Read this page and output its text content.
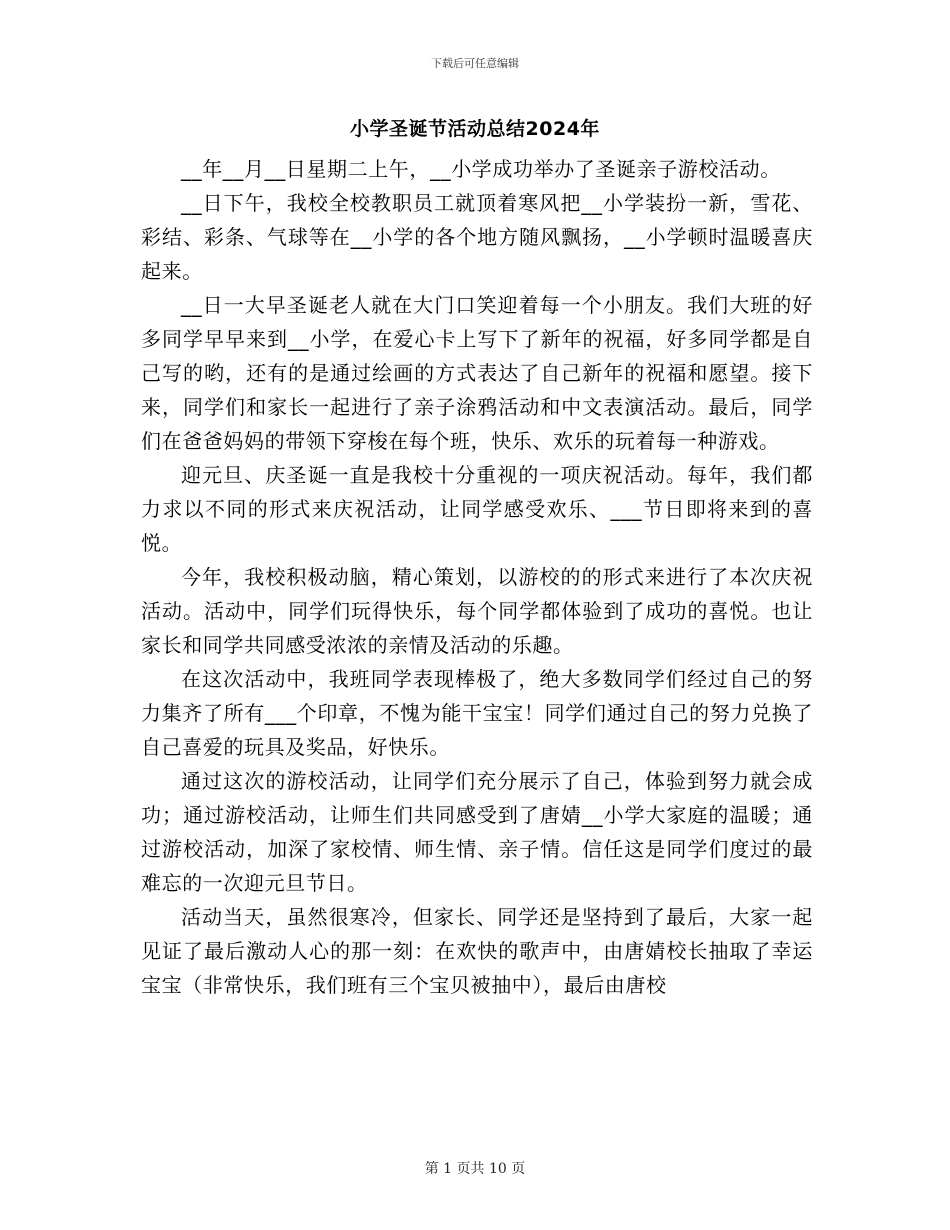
下载后可任意编辑
小学圣诞节活动总结2024年

__年__月__日星期二上午，__小学成功举办了圣诞亲子游校活动。

__日下午，我校全校教职员工就顶着寒风把__小学装扮一新，雪花、彩结、彩条、气球等在__小学的各个地方随风飘扬，__小学顿时温暖喜庆起来。

__日一大早圣诞老人就在大门口笑迎着每一个小朋友。我们大班的好多同学早早来到__小学，在爱心卡上写下了新年的祝福，好多同学都是自己写的哟，还有的是通过绘画的方式表达了自己新年的祝福和愿望。接下来，同学们和家长一起进行了亲子涂鸦活动和中文表演活动。最后，同学们在爸爸妈妈的带领下穿梭在每个班，快乐、欢乐的玩着每一种游戏。

迎元旦、庆圣诞一直是我校十分重视的一项庆祝活动。每年，我们都力求以不同的形式来庆祝活动，让同学感受欢乐、___节日即将来到的喜悦。

今年，我校积极动脑，精心策划，以游校的的形式来进行了本次庆祝活动。活动中，同学们玩得快乐，每个同学都体验到了成功的喜悦。也让家长和同学共同感受浓浓的亲情及活动的乐趣。

在这次活动中，我班同学表现棒极了，绝大多数同学们经过自己的努力集齐了所有___个印章，不愧为能干宝宝！同学们通过自己的努力兑换了自己喜爱的玩具及奖品，好快乐。

通过这次的游校活动，让同学们充分展示了自己，体验到努力就会成功；通过游校活动，让师生们共同感受到了唐婧__小学大家庭的温暖；通过游校活动，加深了家校情、师生情、亲子情。信任这是同学们度过的最难忘的一次迎元旦节日。

活动当天，虽然很寒冷，但家长、同学还是坚持到了最后，大家一起见证了最后激动人心的那一刻：在欢快的歌声中，由唐婧校长抽取了幸运宝宝（非常快乐，我们班有三个宝贝被抽中），最后由唐校

第 1 页共 10 页
